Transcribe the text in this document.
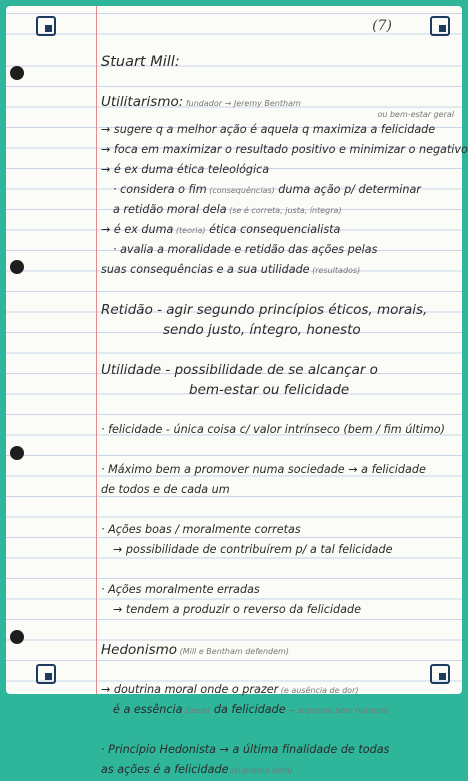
(7)
Stuart Mill:
Utilitarismo: fundador → Jeremy Bentham
ou bem-estar geral
→ sugere q a melhor ação é aquela q maximiza a felicidade
→ foca em maximizar o resultado positivo e minimizar o negativo
→ é ex duma ética teleológica
· considera o fim (consequências) duma ação p/ determinar
a retidão moral dela (se é correta, justa, íntegra)
→ é ex duma (teoria) ética consequencialista
· avalia a moralidade e retidão das ações pelas
suas consequências e a sua utilidade (resultados)
Retidão - agir segundo princípios éticos, morais,
sendo justo, íntegro, honesto
Utilidade - possibilidade de se alcançar o
bem-estar ou felicidade
· felicidade - única coisa c/ valor intrínseco (bem / fim último)
· Máximo bem a promover numa sociedade → a felicidade
de todos e de cada um
· Ações boas / moralmente corretas
→ possibilidade de contribuírem p/ a tal felicidade
· Ações moralmente erradas
→ tendem a produzir o reverso da felicidade
Hedonismo (Mill e Bentham defendem)
→ doutrina moral onde o prazer (e ausência de dor)
é a essência (base) da felicidade → supremo bem humano
· Princípio Hedonista → a última finalidade de todas
as ações é a felicidade (supremo bem)
